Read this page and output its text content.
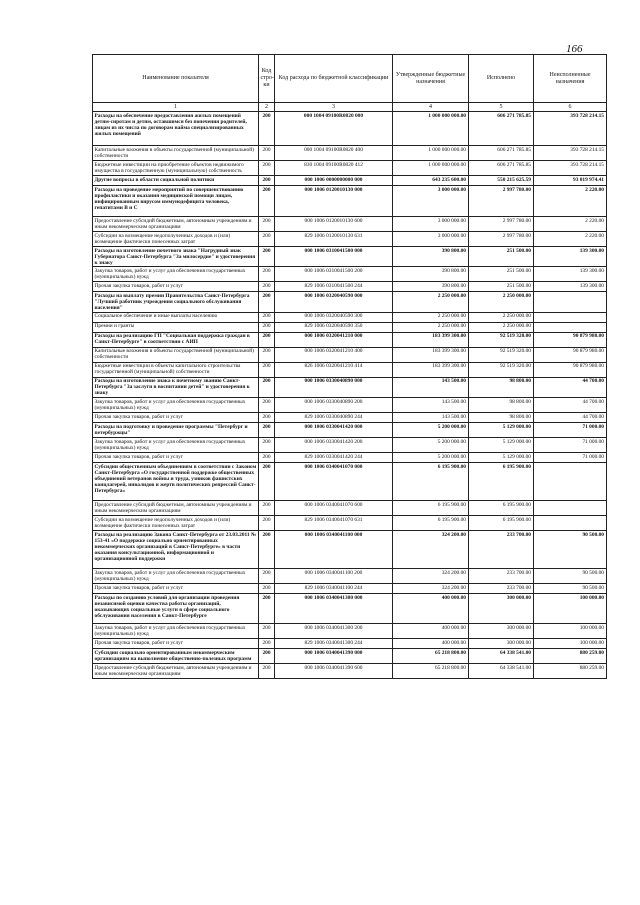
166
Наименование показателя	Код стро-ки	Код расхода по бюджетной классификации	Утвержденные бюджетные назначения	Исполнено	Неисполненные назначения
1	2	3	4	5	6
Расходы на обеспечение предоставления жилых помещений детям-сиротам и детям, оставшимся без попечения родителей, лицам из их числа по договорам найма специализированных жилых помещений	200	000 1004 09100R0820 000	1 000 000 000.00	606 271 785.85	393 728 214.15
Капитальные вложения в объекты государственной (муниципальной) собственности	200	000 1004 09100R0820 400	1 000 000 000.00	606 271 785.85	393 728 214.15
Бюджетные инвестиции на приобретение объектов недвижимого имущества в государственную (муниципальную) собственность	200	830 1004 09100R0820 412	1 000 000 000.00	606 271 785.85	393 728 214.15
Другие вопросы в области социальной политики	200	000 1006 0000000000 000	643 235 600.00	550 215 625.59	93 019 974.41
Расходы на проведение мероприятий по совершенствованию профилактики и оказания медицинской помощи лицам, инфицированным вирусом иммунодефицита человека, гепатитами В и С	200	000 1006 0120010130 000	3 000 000.00	2 997 780.00	2 220.00
Предоставление субсидий бюджетным, автономным учреждениям и иным некоммерческим организациям	200	000 1006 0120010130 600	3 000 000.00	2 997 780.00	2 220.00
Субсидии на возмещение недополученных доходов и (или) возмещение фактически понесенных затрат	200	829 1006 0120010130 631	3 000 000.00	2 997 780.00	2 220.00
Расходы на изготовление почетного знака "Нагрудный знак Губернатора Санкт-Петербурга "За милосердие" и удостоверения к знаку	200	000 1006 0310041500 000	390 800.00	251 500.00	139 300.00
Закупка товаров, работ и услуг для обеспечения государственных (муниципальных) нужд	200	000 1006 0310041500 200	390 800.00	251 500.00	139 300.00
Прочая закупка товаров, работ и услуг	200	829 1006 0310041500 244	390 800.00	251 500.00	139 300.00
Расходы на выплату премии Правительства Санкт-Петербурга "Лучший работник учреждения социального обслуживания населения"	200	000 1006 0320040590 000	2 250 000.00	2 250 000.00	
Социальное обеспечение и иные выплаты населению	200	000 1006 0320040590 300	2 250 000.00	2 250 000.00	
Премии и гранты	200	829 1006 0320040590 350	2 250 000.00	2 250 000.00	
Расходы на реализацию ГП "Социальная поддержка граждан в Санкт-Петербурге" в соответствии с АИП	200	000 1006 0320041210 000	183 399 300.00	92 519 320.00	90 879 980.00
Капитальные вложения в объекты государственной (муниципальной) собственности	200	000 1006 0320041210 400	183 399 300.00	92 519 320.00	90 879 980.00
Бюджетные инвестиции в объекты капитального строительства государственной (муниципальной) собственности	200	826 1006 0320041210 414	183 399 300.00	92 519 320.00	90 879 980.00
Расходы на изготовление знака к почетному званию Санкт-Петербурга "За заслуги в воспитании детей" и удостоверения к знаку	200	000 1006 0330040890 000	143 500.00	98 800.00	44 700.00
Закупка товаров, работ и услуг для обеспечения государственных (муниципальных) нужд	200	000 1006 0330040890 200	143 500.00	98 800.00	44 700.00
Прочая закупка товаров, работ и услуг	200	829 1006 0330040890 244	143 500.00	98 800.00	44 700.00
Расходы на подготовку и проведение программы "Петербург и петербуржцы"	200	000 1006 0330041420 000	5 200 000.00	5 129 000.00	71 000.00
Закупка товаров, работ и услуг для обеспечения государственных (муниципальных) нужд	200	000 1006 0330041420 200	5 200 000.00	5 129 000.00	71 000.00
Прочая закупка товаров, работ и услуг	200	829 1006 0330041420 244	5 200 000.00	5 129 000.00	71 000.00
Субсидии общественным объединениям в соответствии с Законом Санкт-Петербурга «О государственной поддержке общественных объединений ветеранов войны и труда, узников фашистских концлагерей, инвалидов и жертв политических репрессий Санкт-Петербурга»	200	000 1006 0340041070 000	6 195 900.00	6 195 900.00	
Предоставление субсидий бюджетным, автономным учреждениям и иным некоммерческим организациям	200	000 1006 0340041070 600	6 195 900.00	6 195 900.00	
Субсидии на возмещение недополученных доходов и (или) возмещение фактически понесенных затрат	200	829 1006 0340041070 631	6 195 900.00	6 195 900.00	
Расходы на реализацию Закона Санкт-Петербурга от 23.03.2011 № 153-41 «О поддержке социально ориентированных некоммерческих организаций в Санкт-Петербурге» в части оказания консультационной, информационной и организационной поддержки	200	000 1006 0340041100 000	324 200.00	233 700.00	90 500.00
Закупка товаров, работ и услуг для обеспечения государственных (муниципальных) нужд	200	000 1006 0340041100 200	324 200.00	233 700.00	90 500.00
Прочая закупка товаров, работ и услуг	200	829 1006 0340041100 244	324 200.00	233 700.00	90 500.00
Расходы по созданию условий для организации проведения независимой оценки качества работы организаций, оказывающих социальные услуги в сфере социального обслуживания населения в Санкт-Петербурге	200	000 1006 0340041300 000	400 000.00	300 000.00	100 000.00
Закупка товаров, работ и услуг для обеспечения государственных (муниципальных) нужд	200	000 1006 0340041300 200	400 000.00	300 000.00	100 000.00
Прочая закупка товаров, работ и услуг	200	829 1006 0340041300 244	400 000.00	300 000.00	100 000.00
Субсидии социально ориентированным некоммерческим организациям на выполнение общественно-полезных программ	200	000 1006 0340041390 000	65 218 800.00	64 338 541.00	880 259.00
Предоставление субсидий бюджетным, автономным учреждениям и иным некоммерческим организациям	200	000 1006 0340041390 600	65 218 800.00	64 338 541.00	880 259.00
